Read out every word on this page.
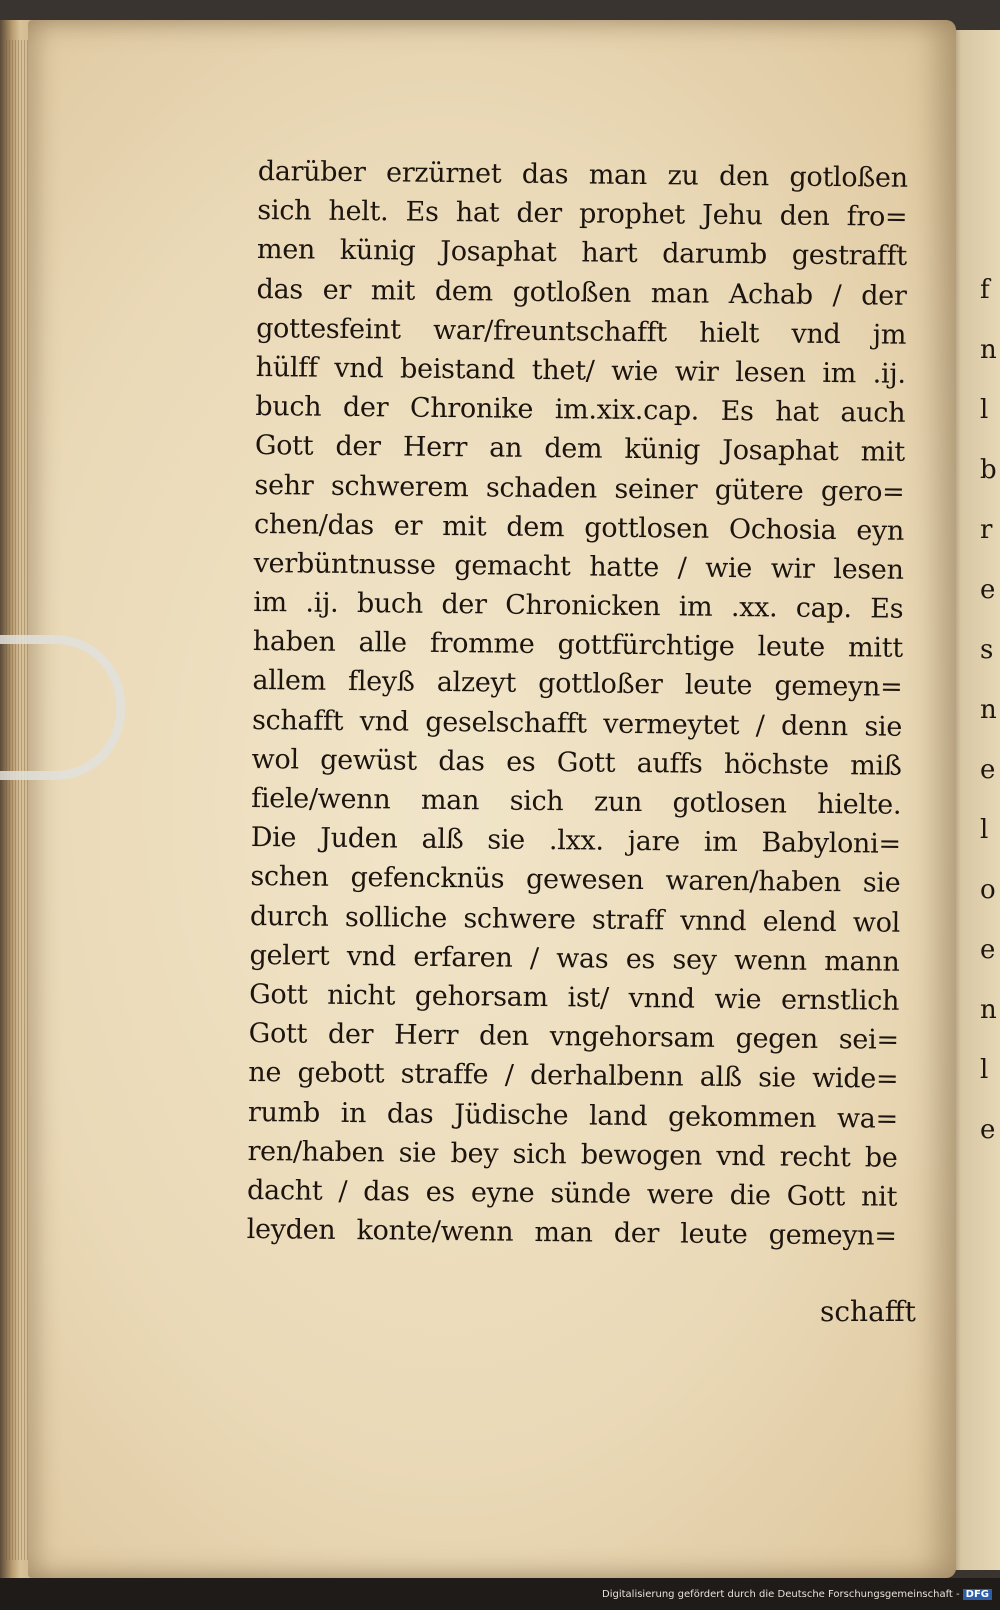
f
n
l
b
r
e
s
n
e
l
o
e
n
l
e
darüber erzürnet das man zu den gotloßen
sich helt. Es hat der prophet Jehu den fro=
men künig Josaphat hart darumb gestrafft
das er mit dem gotloßen man Achab / der
gottesfeint war/freuntschafft hielt vnd jm
hülff vnd beistand thet/ wie wir lesen im .ij.
buch der Chronike im.xix.cap. Es hat auch
Gott der Herr an dem künig Josaphat mit
sehr schwerem schaden seiner gütere gero=
chen/das er mit dem gottlosen Ochosia eyn
verbüntnusse gemacht hatte / wie wir lesen
im .ij. buch der Chronicken im .xx. cap. Es
haben alle fromme gottfürchtige leute mitt
allem fleyß alzeyt gottloßer leute gemeyn=
schafft vnd geselschafft vermeytet / denn sie
wol gewüst das es Gott auffs höchste miß
fiele/wenn man sich zun gotlosen hielte.
Die Juden alß sie .lxx. jare im Babyloni=
schen gefencknüs gewesen waren/haben sie
durch solliche schwere straff vnnd elend wol
gelert vnd erfaren / was es sey wenn mann
Gott nicht gehorsam ist/ vnnd wie ernstlich
Gott der Herr den vngehorsam gegen sei=
ne gebott straffe / derhalbenn alß sie wide=
rumb in das Jüdische land gekommen wa=
ren/haben sie bey sich bewogen vnd recht be
dacht / das es eyne sünde were die Gott nit
leyden konte/wenn man der leute gemeyn=
schafft
Digitalisierung gefördert durch die Deutsche Forschungsgemeinschaft - DFG
